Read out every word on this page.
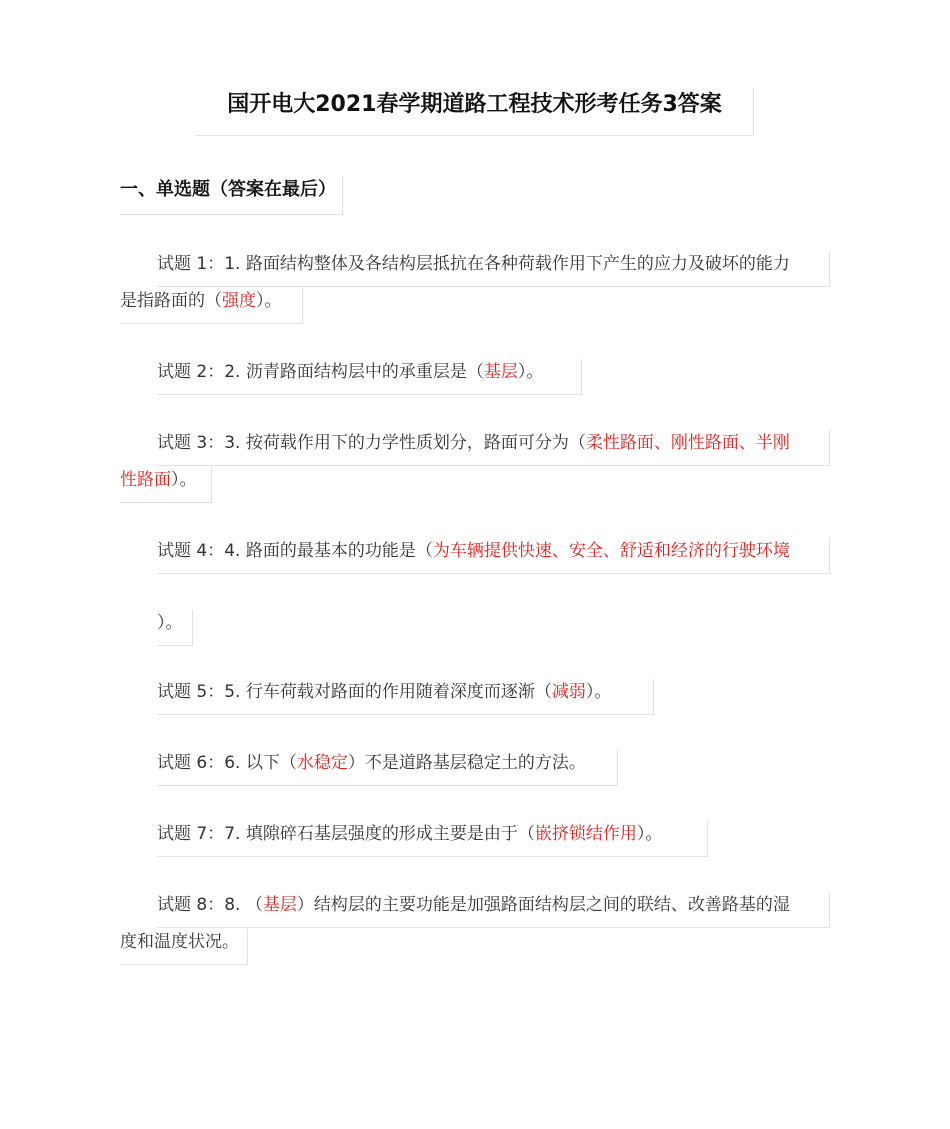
国开电大2021春学期道路工程技术形考任务3答案
一、单选题（答案在最后）
试题 1：1. 路面结构整体及各结构层抵抗在各种荷载作用下产生的应力及破坏的能力
是指路面的（强度）。
试题 2：2. 沥青路面结构层中的承重层是（基层）。
试题 3：3. 按荷载作用下的力学性质划分，路面可分为（柔性路面、刚性路面、半刚
性路面）。
试题 4：4. 路面的最基本的功能是（为车辆提供快速、安全、舒适和经济的行驶环境
）。
试题 5：5. 行车荷载对路面的作用随着深度而逐渐（减弱）。
试题 6：6. 以下（水稳定）不是道路基层稳定土的方法。
试题 7：7. 填隙碎石基层强度的形成主要是由于（嵌挤锁结作用）。
试题 8：8. （基层）结构层的主要功能是加强路面结构层之间的联结、改善路基的湿
度和温度状况。
